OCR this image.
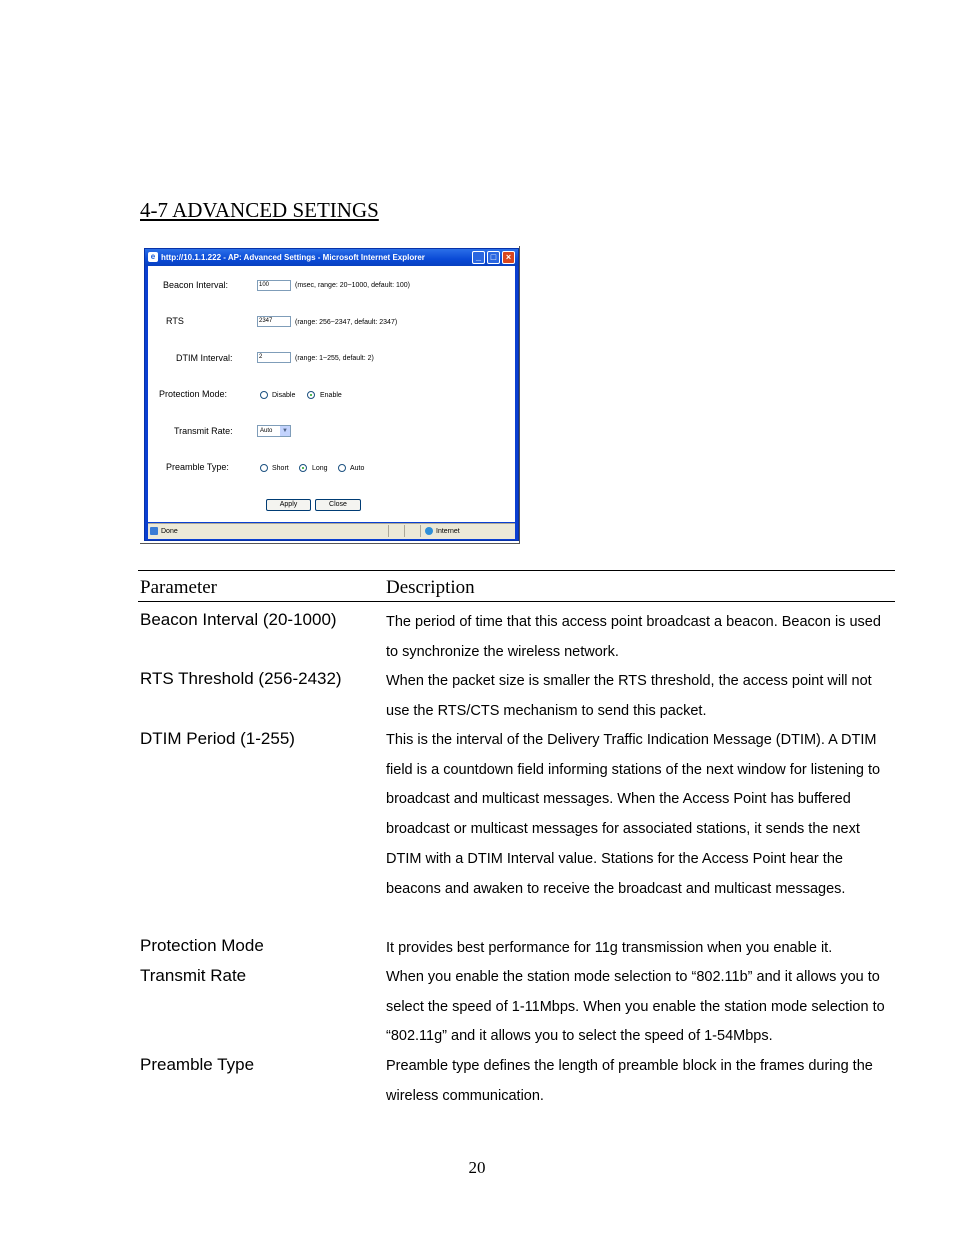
4-7 ADVANCED SETINGS
e http://10.1.1.222 - AP: Advanced Settings - Microsoft Internet Explorer	_	□	×
Beacon Interval:	100	(msec, range: 20~1000, default: 100)
RTS	2347	(range: 256~2347, default: 2347)
DTIM Interval:	2	(range: 1~255, default: 2)
Protection Mode:	Disable	Enable
Transmit Rate:	Auto	▼
Preamble Type:	Short	Long	Auto
Apply	Close
Done	Internet
Parameter	Description
Beacon Interval (20-1000)	The period of time that this access point broadcast a beacon. Beacon is used to synchronize the wireless network.
RTS Threshold (256-2432)	When the packet size is smaller the RTS threshold, the access point will not use the RTS/CTS mechanism to send this packet.
DTIM Period (1-255)	This is the interval of the Delivery Traffic Indication Message (DTIM). A DTIM field is a countdown field informing stations of the next window for listening to broadcast and multicast messages. When the Access Point has buffered broadcast or multicast messages for associated stations, it sends the next DTIM with a DTIM Interval value. Stations for the Access Point hear the beacons and awaken to receive the broadcast and multicast messages.
Protection Mode	It provides best performance for 11g transmission when you enable it.
Transmit Rate	When you enable the station mode selection to “802.11b” and it allows you to select the speed of 1-11Mbps. When you enable the station mode selection to “802.11g” and it allows you to select the speed of 1-54Mbps.
Preamble Type	Preamble type defines the length of preamble block in the frames during the wireless communication.
20
